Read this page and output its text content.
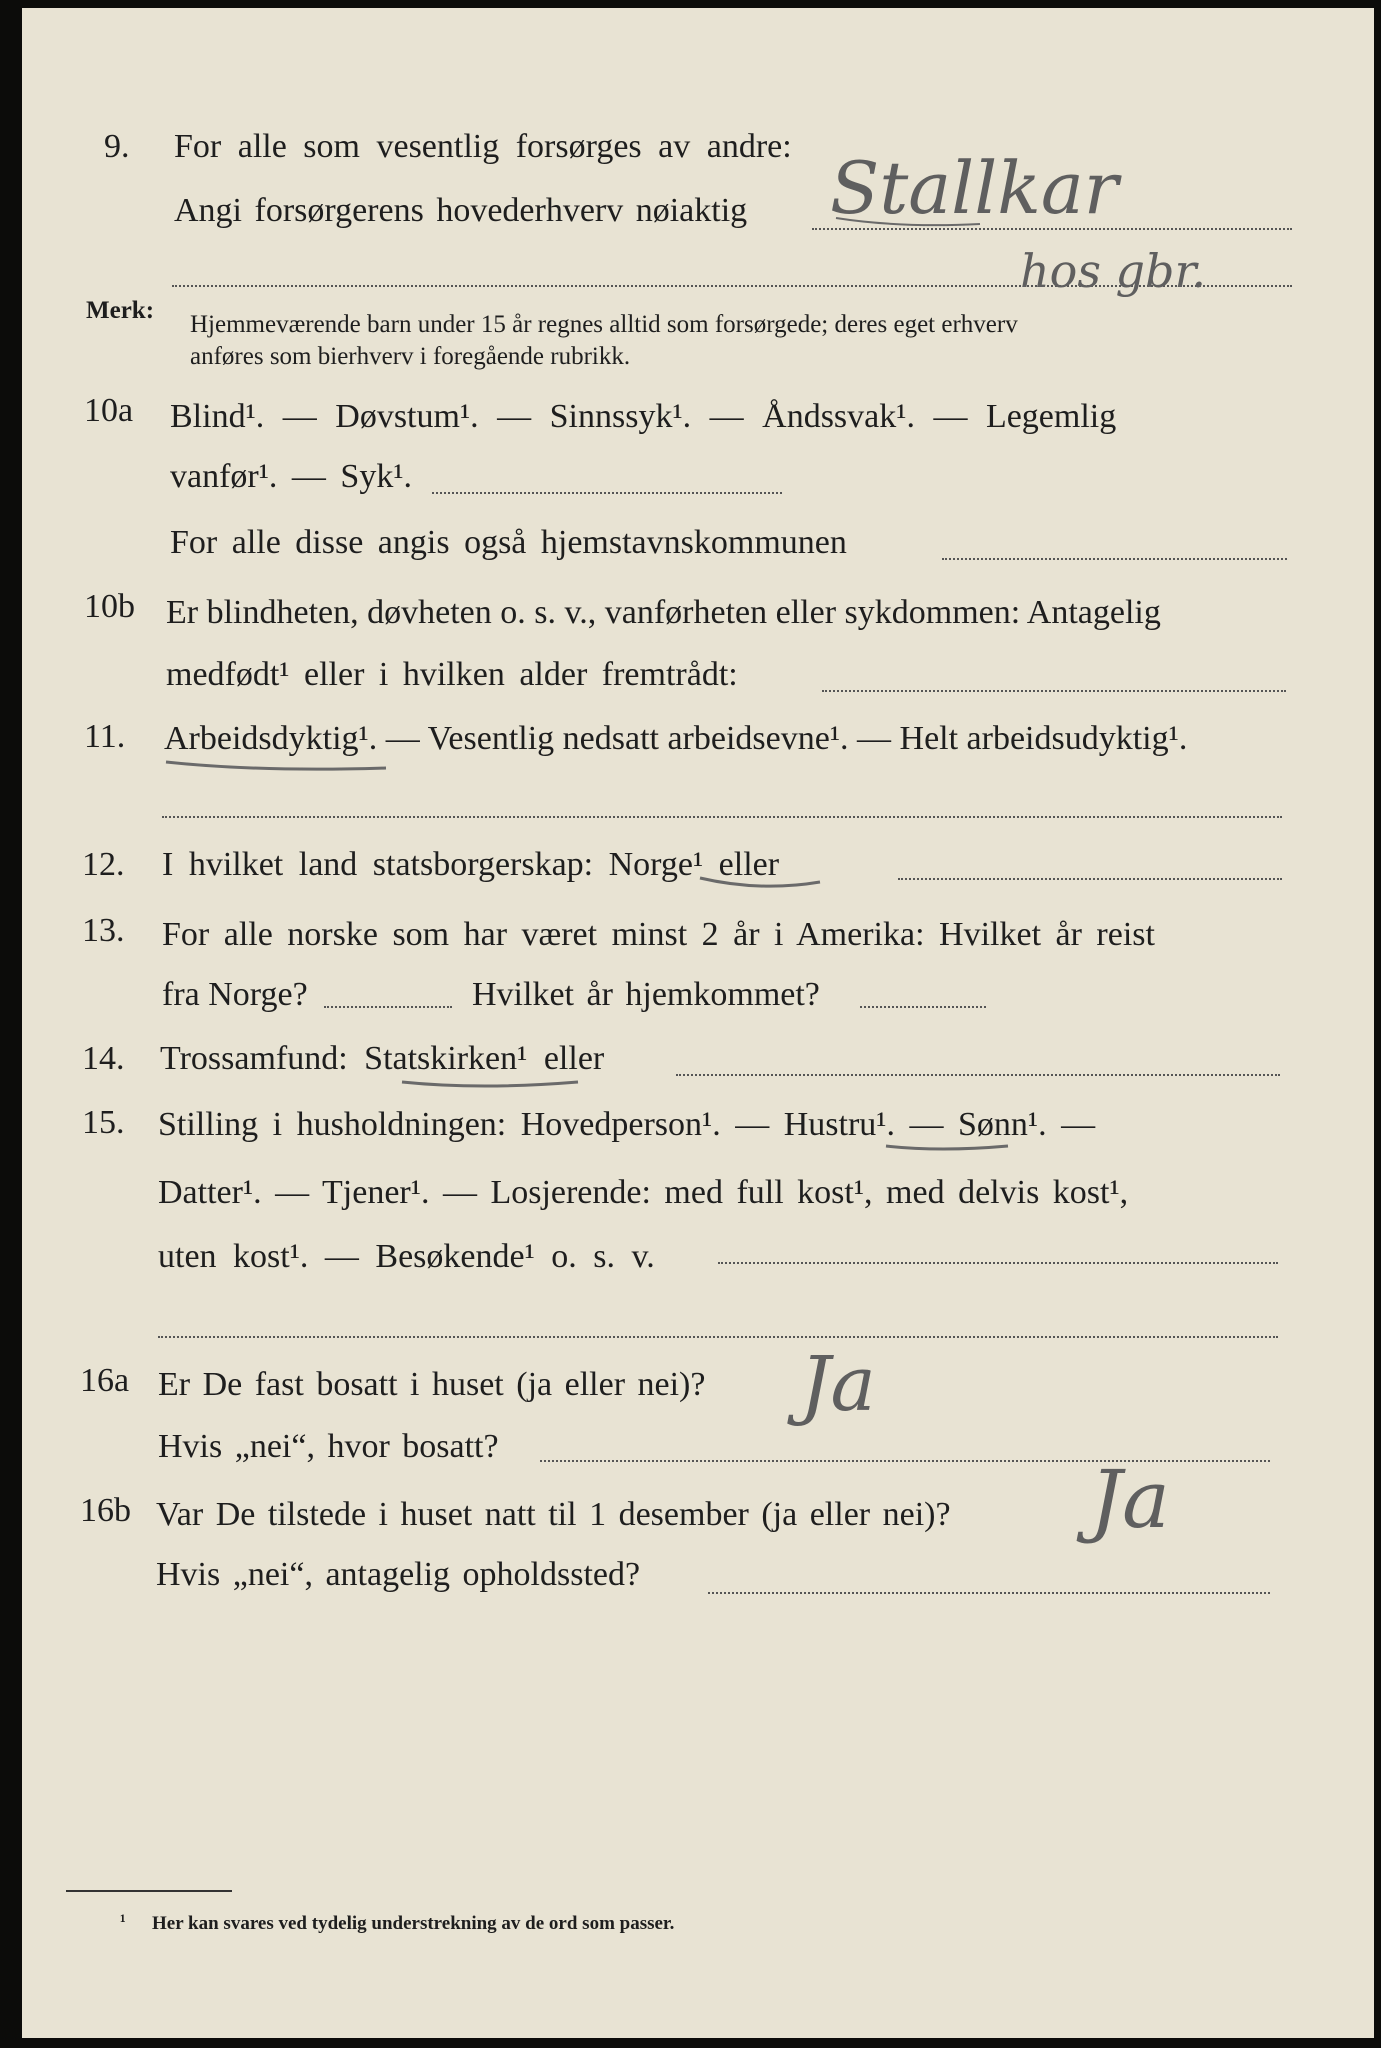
9. For alle som vesentlig forsørges av andre:
Angi forsørgerens hovederhverv nøiaktig Stallkar
hos gbr.
Merk:
Hjemmeværende barn under 15 år regnes alltid som forsørgede; deres eget erhverv
anføres som bierhverv i foregående rubrikk.
10a Blind¹. — Døvstum¹. — Sinnssyk¹. — Åndssvak¹. — Legemlig
vanfør¹. — Syk¹.
For alle disse angis også hjemstavnskommunen
10b Er blindheten, døvheten o. s. v., vanførheten eller sykdommen: Antagelig
medfødt¹ eller i hvilken alder fremtrådt:
11. Arbeidsdyktig¹. — Vesentlig nedsatt arbeidsevne¹. — Helt arbeidsudyktig¹.
12. I hvilket land statsborgerskap: Norge¹ eller
13. For alle norske som har været minst 2 år i Amerika: Hvilket år reist
fra Norge?	Hvilket år hjemkommet?
14. Trossamfund: Statskirken¹ eller
15. Stilling i husholdningen: Hovedperson¹. — Hustru¹. — Sønn¹. —
Datter¹. — Tjener¹. — Losjerende: med full kost¹, med delvis kost¹,
uten kost¹. — Besøkende¹ o. s. v.
16a Er De fast bosatt i huset (ja eller nei)?
Hvis „nei“, hvor bosatt?
Ja
16b Var De tilstede i huset natt til 1 desember (ja eller nei)?
Hvis „nei“, antagelig opholdssted?
Ja
¹ Her kan svares ved tydelig understrekning av de ord som passer.
